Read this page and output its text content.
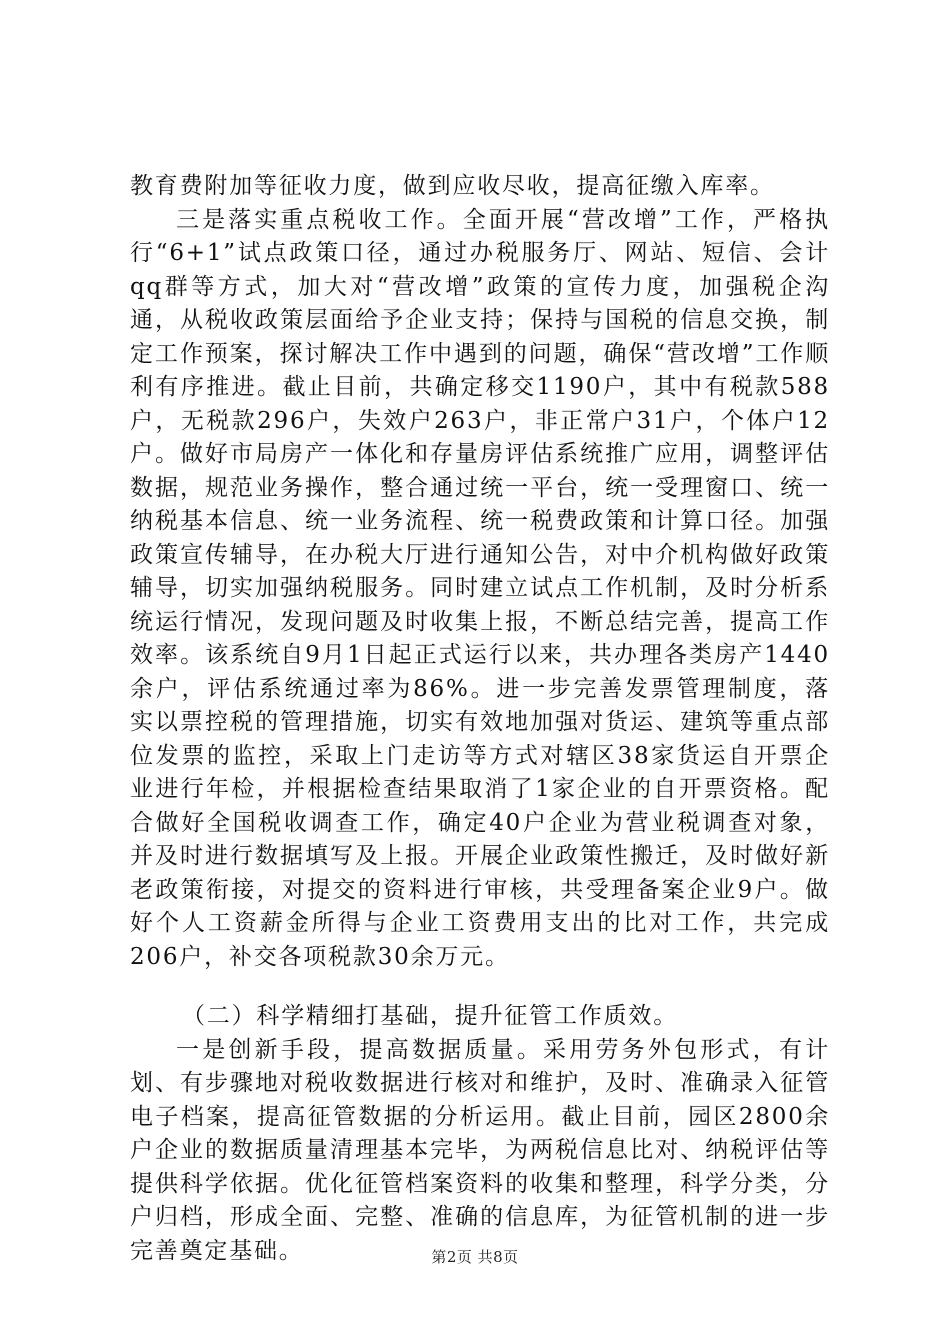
教育费附加等征收力度，做到应收尽收，提高征缴入库率。

三是落实重点税收工作。全面开展“营改增”工作，严格执行“6+1”试点政策口径，通过办税服务厅、网站、短信、会计qq群等方式，加大对“营改增”政策的宣传力度，加强税企沟通，从税收政策层面给予企业支持；保持与国税的信息交换，制定工作预案，探讨解决工作中遇到的问题，确保“营改增”工作顺利有序推进。截止目前，共确定移交1190户，其中有税款588户，无税款296户，失效户263户，非正常户31户，个体户12户。做好市局房产一体化和存量房评估系统推广应用，调整评估数据，规范业务操作，整合通过统一平台，统一受理窗口、统一纳税基本信息、统一业务流程、统一税费政策和计算口径。加强政策宣传辅导，在办税大厅进行通知公告，对中介机构做好政策辅导，切实加强纳税服务。同时建立试点工作机制，及时分析系统运行情况，发现问题及时收集上报，不断总结完善，提高工作效率。该系统自9月1日起正式运行以来，共办理各类房产1440余户，评估系统通过率为86%。进一步完善发票管理制度，落实以票控税的管理措施，切实有效地加强对货运、建筑等重点部位发票的监控，采取上门走访等方式对辖区38家货运自开票企业进行年检，并根据检查结果取消了1家企业的自开票资格。配合做好全国税收调查工作，确定40户企业为营业税调查对象，并及时进行数据填写及上报。开展企业政策性搬迁，及时做好新老政策衔接，对提交的资料进行审核，共受理备案企业9户。做好个人工资薪金所得与企业工资费用支出的比对工作，共完成206户，补交各项税款30余万元。

（二）科学精细打基础，提升征管工作质效。

一是创新手段，提高数据质量。采用劳务外包形式，有计划、有步骤地对税收数据进行核对和维护，及时、准确录入征管电子档案，提高征管数据的分析运用。截止目前，园区2800余户企业的数据质量清理基本完毕，为两税信息比对、纳税评估等提供科学依据。优化征管档案资料的收集和整理，科学分类，分户归档，形成全面、完整、准确的信息库，为征管机制的进一步完善奠定基础。	第2页 共8页
